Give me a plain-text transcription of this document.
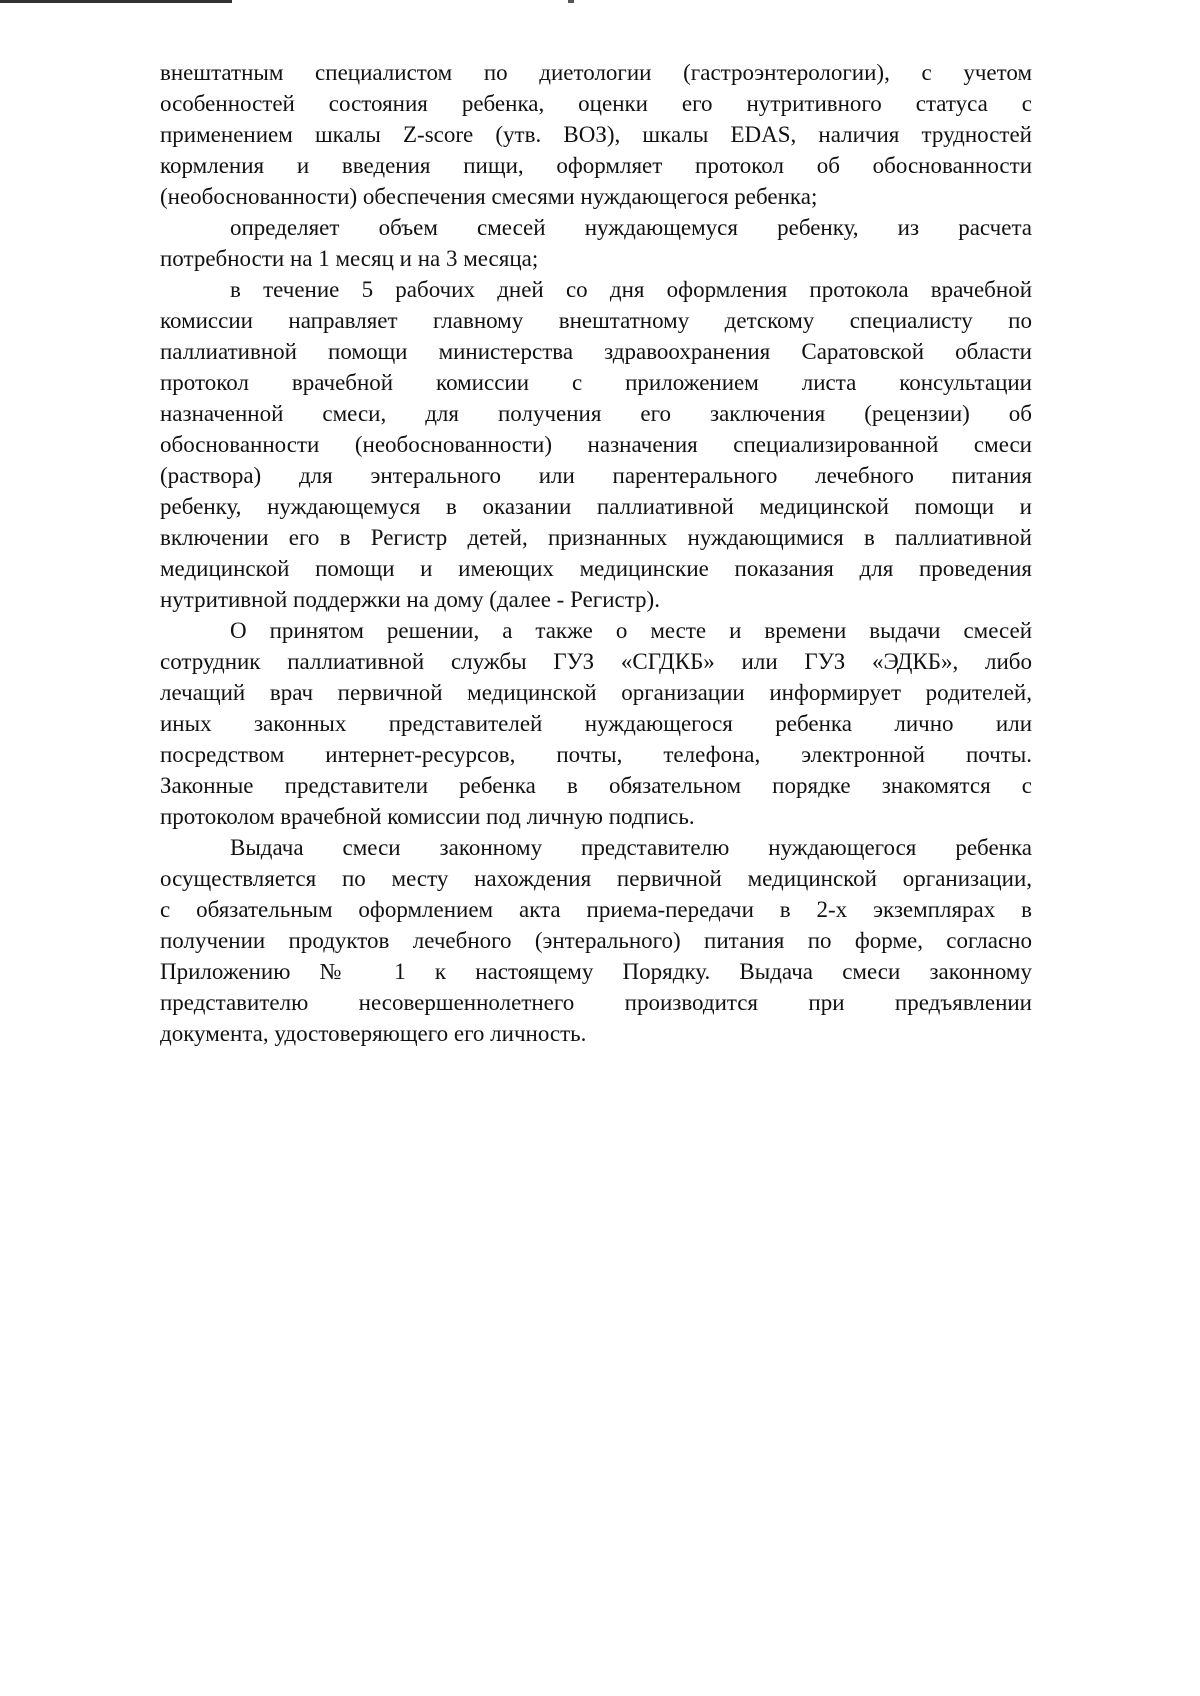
внештатным специалистом по диетологии (гастроэнтерологии), с учетом
особенностей состояния ребенка, оценки его нутритивного статуса с
применением шкалы Z-score (утв. ВОЗ), шкалы EDAS, наличия трудностей
кормления и введения пищи, оформляет протокол об обоснованности
(необоснованности) обеспечения смесями нуждающегося ребенка;
определяет объем смесей нуждающемуся ребенку, из расчета
потребности на 1 месяц и на 3 месяца;
в течение 5 рабочих дней со дня оформления протокола врачебной
комиссии направляет главному внештатному детскому специалисту по
паллиативной помощи министерства здравоохранения Саратовской области
протокол врачебной комиссии с приложением листа консультации
назначенной смеси, для получения его заключения (рецензии) об
обоснованности (необоснованности) назначения специализированной смеси
(раствора) для энтерального или парентерального лечебного питания
ребенку, нуждающемуся в оказании паллиативной медицинской помощи и
включении его в Регистр детей, признанных нуждающимися в паллиативной
медицинской помощи и имеющих медицинские показания для проведения
нутритивной поддержки на дому (далее - Регистр).
О принятом решении, а также о месте и времени выдачи смесей
сотрудник паллиативной службы ГУЗ «СГДКБ» или ГУЗ «ЭДКБ», либо
лечащий врач первичной медицинской организации информирует родителей,
иных законных представителей нуждающегося ребенка лично или
посредством интернет-ресурсов, почты, телефона, электронной почты.
Законные представители ребенка в обязательном порядке знакомятся с
протоколом врачебной комиссии под личную подпись.
Выдача смеси законному представителю нуждающегося ребенка
осуществляется по месту нахождения первичной медицинской организации,
с обязательным оформлением акта приема-передачи в 2-х экземплярах в
получении продуктов лечебного (энтерального) питания по форме, согласно
Приложению № 1 к настоящему Порядку. Выдача смеси законному
представителю несовершеннолетнего производится при предъявлении
документа, удостоверяющего его личность.
